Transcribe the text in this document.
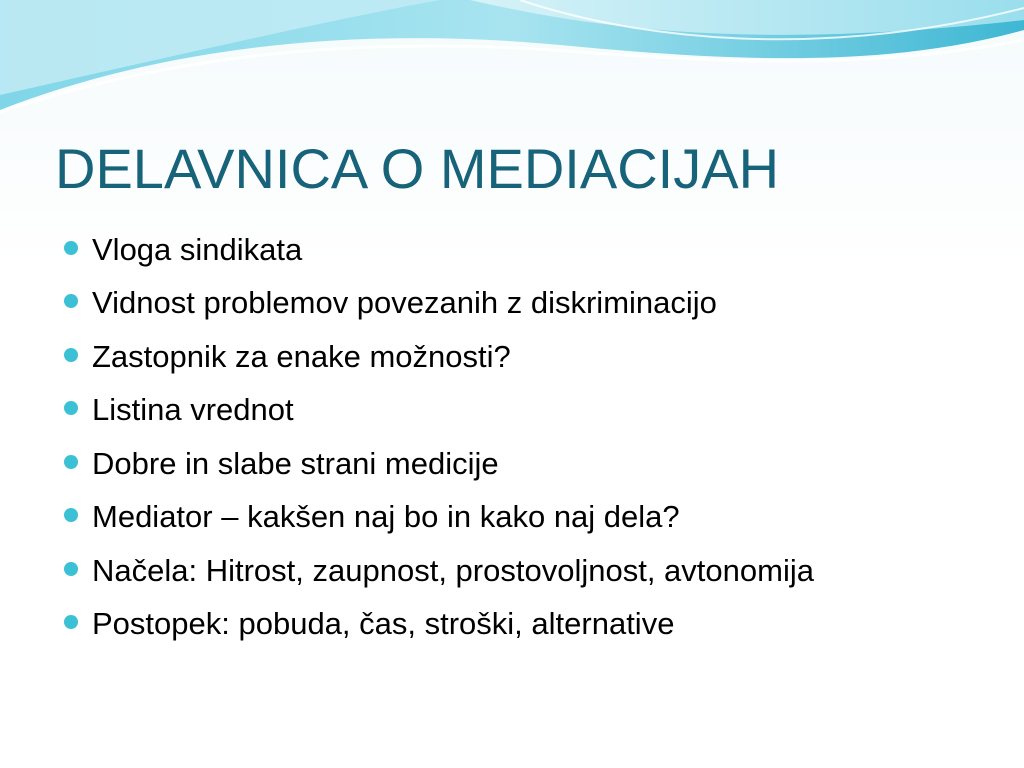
DELAVNICA O MEDIACIJAH
Vloga sindikata
Vidnost problemov povezanih z diskriminacijo
Zastopnik za enake možnosti?
Listina vrednot
Dobre in slabe strani medicije
Mediator – kakšen naj bo in kako naj dela?
Načela: Hitrost, zaupnost, prostovoljnost, avtonomija
Postopek: pobuda, čas, stroški, alternative
